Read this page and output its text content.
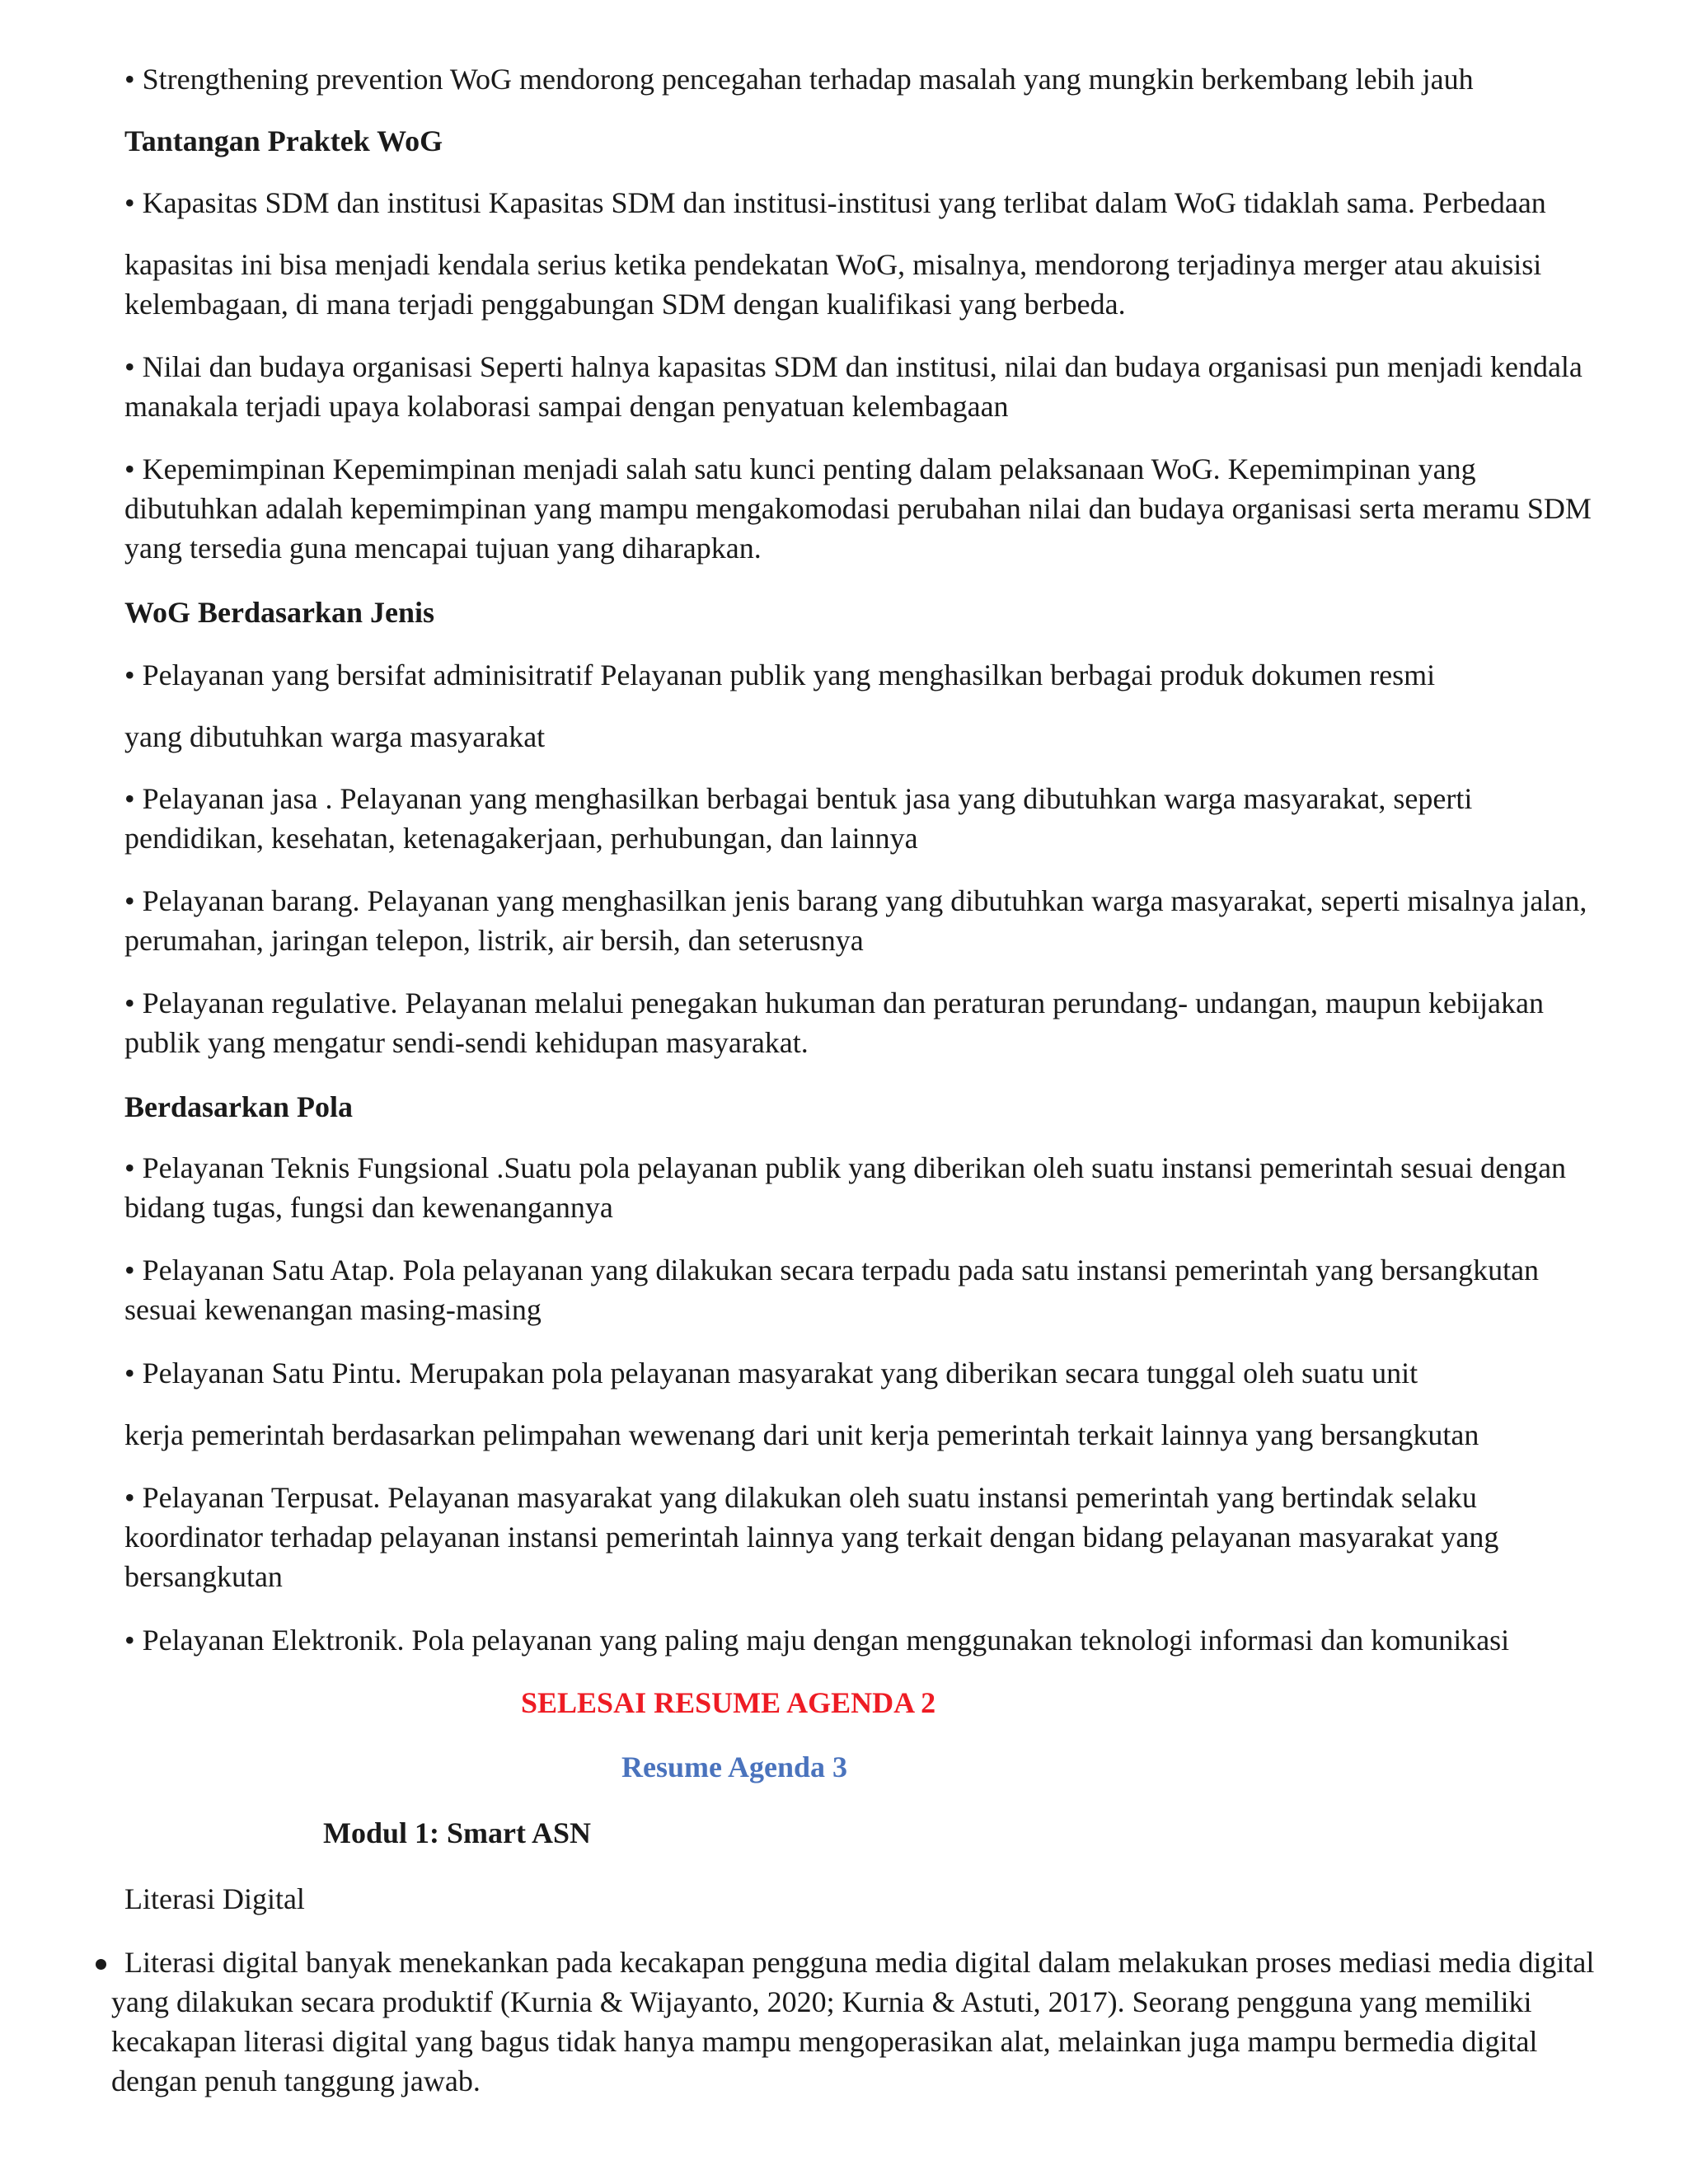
• Strengthening prevention WoG mendorong pencegahan terhadap masalah yang mungkin berkembang lebih jauh

Tantangan Praktek WoG

• Kapasitas SDM dan institusi Kapasitas SDM dan institusi-institusi yang terlibat dalam WoG tidaklah sama. Perbedaan

kapasitas ini bisa menjadi kendala serius ketika pendekatan WoG, misalnya, mendorong terjadinya merger atau akuisisi kelembagaan, di mana terjadi penggabungan SDM dengan kualifikasi yang berbeda.

• Nilai dan budaya organisasi Seperti halnya kapasitas SDM dan institusi, nilai dan budaya organisasi pun menjadi kendala manakala terjadi upaya kolaborasi sampai dengan penyatuan kelembagaan

• Kepemimpinan Kepemimpinan menjadi salah satu kunci penting dalam pelaksanaan WoG. Kepemimpinan yang dibutuhkan adalah kepemimpinan yang mampu mengakomodasi perubahan nilai dan budaya organisasi serta meramu SDM yang tersedia guna mencapai tujuan yang diharapkan.

WoG Berdasarkan Jenis

• Pelayanan yang bersifat adminisitratif Pelayanan publik yang menghasilkan berbagai produk dokumen resmi

yang dibutuhkan warga masyarakat

• Pelayanan jasa . Pelayanan yang menghasilkan berbagai bentuk jasa yang dibutuhkan warga masyarakat, seperti pendidikan, kesehatan, ketenagakerjaan, perhubungan, dan lainnya

• Pelayanan barang. Pelayanan yang menghasilkan jenis barang yang dibutuhkan warga masyarakat, seperti misalnya jalan, perumahan, jaringan telepon, listrik, air bersih, dan seterusnya

• Pelayanan regulative. Pelayanan melalui penegakan hukuman dan peraturan perundang- undangan, maupun kebijakan publik yang mengatur sendi-sendi kehidupan masyarakat.

Berdasarkan Pola

• Pelayanan Teknis Fungsional .Suatu pola pelayanan publik yang diberikan oleh suatu instansi pemerintah sesuai dengan bidang tugas, fungsi dan kewenangannya

• Pelayanan Satu Atap. Pola pelayanan yang dilakukan secara terpadu pada satu instansi pemerintah yang bersangkutan sesuai kewenangan masing-masing

• Pelayanan Satu Pintu. Merupakan pola pelayanan masyarakat yang diberikan secara tunggal oleh suatu unit

kerja pemerintah berdasarkan pelimpahan wewenang dari unit kerja pemerintah terkait lainnya yang bersangkutan

• Pelayanan Terpusat. Pelayanan masyarakat yang dilakukan oleh suatu instansi pemerintah yang bertindak selaku koordinator terhadap pelayanan instansi pemerintah lainnya yang terkait dengan bidang pelayanan masyarakat yang bersangkutan

• Pelayanan Elektronik. Pola pelayanan yang paling maju dengan menggunakan teknologi informasi dan komunikasi

SELESAI RESUME AGENDA 2

Resume Agenda 3

Modul 1: Smart ASN

Literasi Digital

Literasi digital banyak menekankan pada kecakapan pengguna media digital dalam melakukan proses mediasi media digital yang dilakukan secara produktif (Kurnia & Wijayanto, 2020; Kurnia & Astuti, 2017). Seorang pengguna yang memiliki kecakapan literasi digital yang bagus tidak hanya mampu mengoperasikan alat, melainkan juga mampu bermedia digital dengan penuh tanggung jawab.
